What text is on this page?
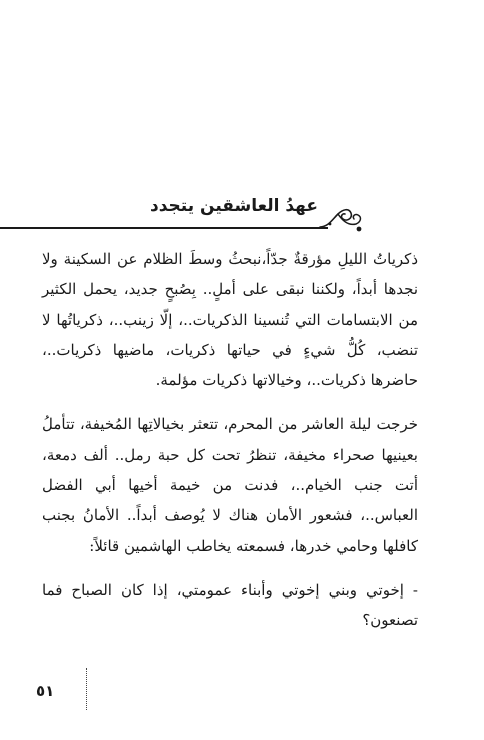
عهدُ العاشقين يتجدد

ذكرياتُ الليلِ مؤرقةٌ جدّاً،نبحثُ وسطَ الظلام عن السكينة ولا نجدها أبداً، ولكننا نبقى على أملٍ.. بِصُبحٍ جديد، يحمل الكثير من الابتسامات التي تُنسينا الذكريات..، إلّا زينب..، ذكرياتُها لا تنضب، كُلُّ شيءٍ في حياتها ذكريات، ماضيها ذكريات..، حاضرها ذكريات..، وخيالاتها ذكريات مؤلمة.

خرجت ليلة العاشر من المحرم، تتعثر بخيالاتِها المُخيفة، تتأملُ بعينيها صحراء مخيفة، تنظرُ تحت كل حبة رمل.. ألف دمعة، أتت جنب الخيام..، فدنت من خيمة أخيها أبي الفضل العباس..، فشعور الأمان هناك لا يُوصف أبداً.. الأمانُ بجنب كافلها وحامي خدرها، فسمعته يخاطب الهاشمين قائلاً:

- إخوتي وبني إخوتي وأبناء عمومتي، إذا كان الصباح فما تصنعون؟

٥١
